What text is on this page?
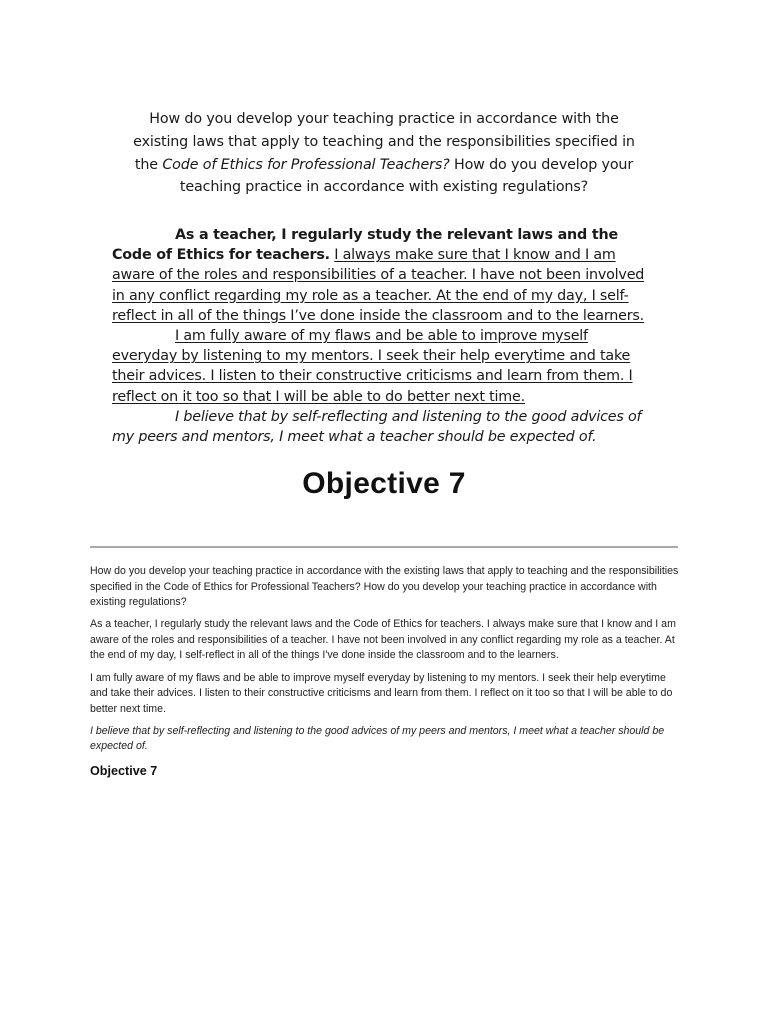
How do you develop your teaching practice in accordance with the existing laws that apply to teaching and the responsibilities specified in the Code of Ethics for Professional Teachers? How do you develop your teaching practice in accordance with existing regulations?

As a teacher, I regularly study the relevant laws and the Code of Ethics for teachers. I always make sure that I know and I am aware of the roles and responsibilities of a teacher. I have not been involved in any conflict regarding my role as a teacher. At the end of my day, I self-reflect in all of the things I’ve done inside the classroom and to the learners.

I am fully aware of my flaws and be able to improve myself everyday by listening to my mentors. I seek their help everytime and take their advices. I listen to their constructive criticisms and learn from them. I reflect on it too so that I will be able to do better next time.

I believe that by self-reflecting and listening to the good advices of my peers and mentors, I meet what a teacher should be expected of.

Objective 7

How do you develop your teaching practice in accordance with the existing laws that apply to teaching and the responsibilities specified in the Code of Ethics for Professional Teachers? How do you develop your teaching practice in accordance with existing regulations?

As a teacher, I regularly study the relevant laws and the Code of Ethics for teachers. I always make sure that I know and I am aware of the roles and responsibilities of a teacher. I have not been involved in any conflict regarding my role as a teacher. At the end of my day, I self-reflect in all of the things I've done inside the classroom and to the learners.

I am fully aware of my flaws and be able to improve myself everyday by listening to my mentors. I seek their help everytime and take their advices. I listen to their constructive criticisms and learn from them. I reflect on it too so that I will be able to do better next time.

I believe that by self-reflecting and listening to the good advices of my peers and mentors, I meet what a teacher should be expected of.

Objective 7
